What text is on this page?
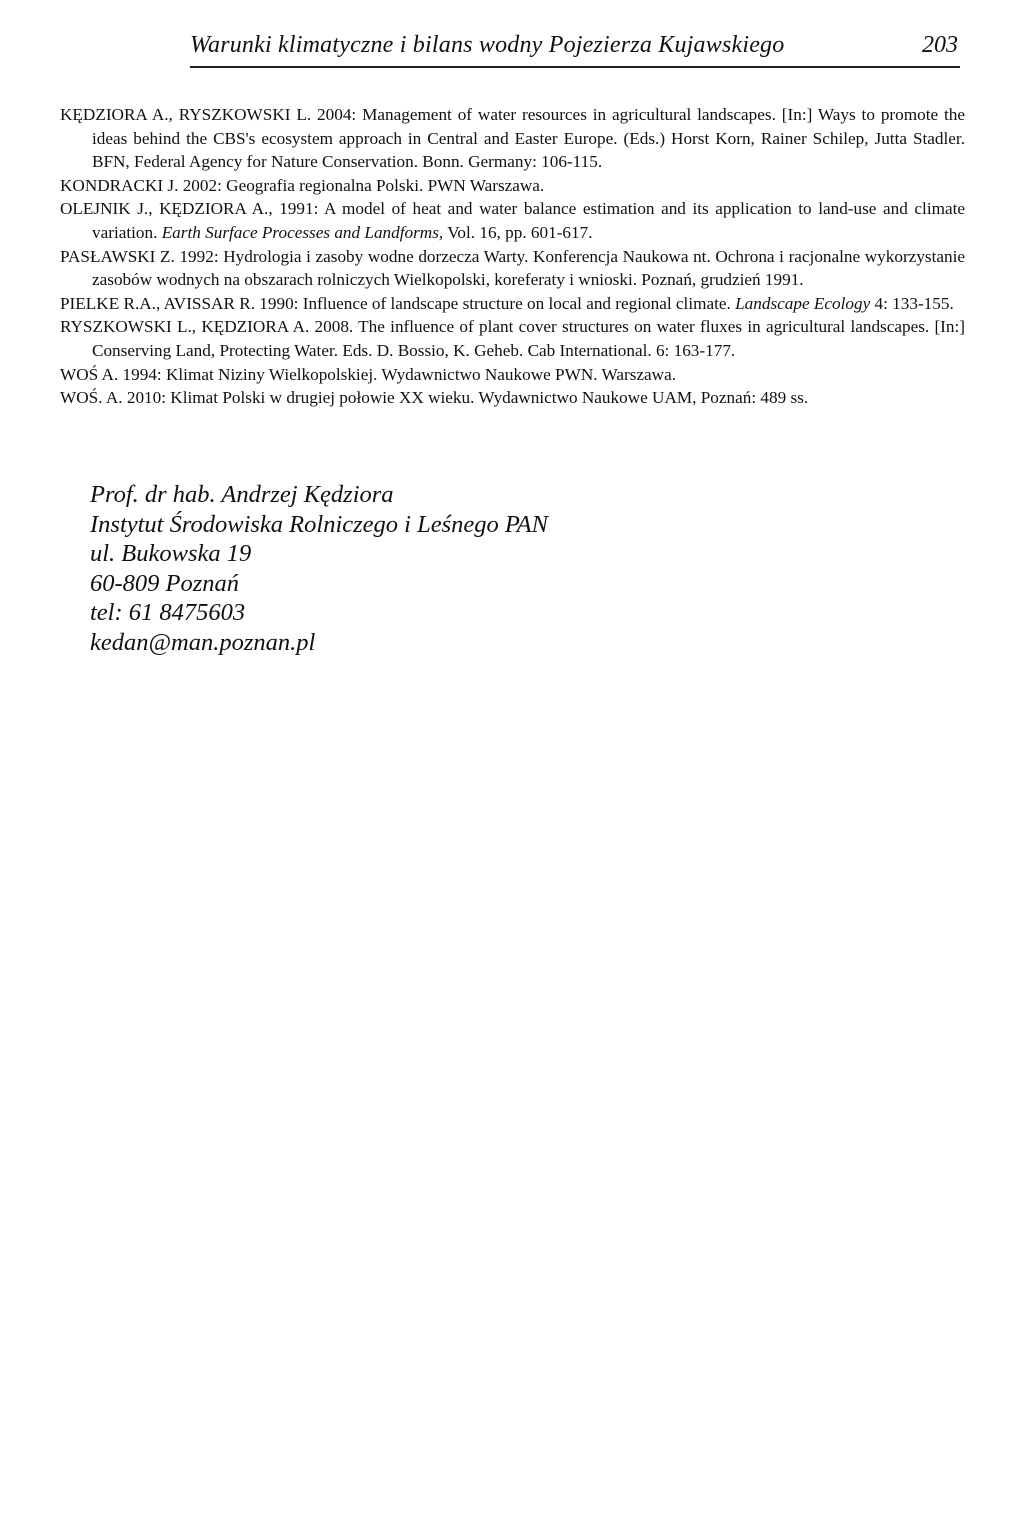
Warunki klimatyczne i bilans wodny Pojezierza Kujawskiego	203

KĘDZIORA A., RYSZKOWSKI L. 2004: Management of water resources in agricultural landscapes. [In:] Ways to promote the ideas behind the CBS's ecosystem approach in Central and Easter Europe. (Eds.) Horst Korn, Rainer Schilep, Jutta Stadler. BFN, Federal Agency for Nature Conservation. Bonn. Germany: 106-115.

KONDRACKI J. 2002: Geografia regionalna Polski. PWN Warszawa.

OLEJNIK J., KĘDZIORA A., 1991: A model of heat and water balance estimation and its application to land-use and climate variation. Earth Surface Processes and Landforms, Vol. 16, pp. 601-617.

PASŁAWSKI Z. 1992: Hydrologia i zasoby wodne dorzecza Warty. Konferencja Naukowa nt. Ochrona i racjonalne wykorzystanie zasobów wodnych na obszarach rolniczych Wielkopolski, koreferaty i wnioski. Poznań, grudzień 1991.

PIELKE R.A., AVISSAR R. 1990: Influence of landscape structure on local and regional climate. Landscape Ecology 4: 133-155.

RYSZKOWSKI L., KĘDZIORA A. 2008. The influence of plant cover structures on water fluxes in agricultural landscapes. [In:] Conserving Land, Protecting Water. Eds. D. Bossio, K. Geheb. Cab International. 6: 163-177.

WOŚ A. 1994: Klimat Niziny Wielkopolskiej. Wydawnictwo Naukowe PWN. Warszawa.

WOŚ. A. 2010: Klimat Polski w drugiej połowie XX wieku. Wydawnictwo Naukowe UAM, Poznań: 489 ss.

Prof. dr hab. Andrzej Kędziora
Instytut Środowiska Rolniczego i Leśnego PAN
ul. Bukowska 19
60-809 Poznań
tel: 61 8475603
kedan@man.poznan.pl
